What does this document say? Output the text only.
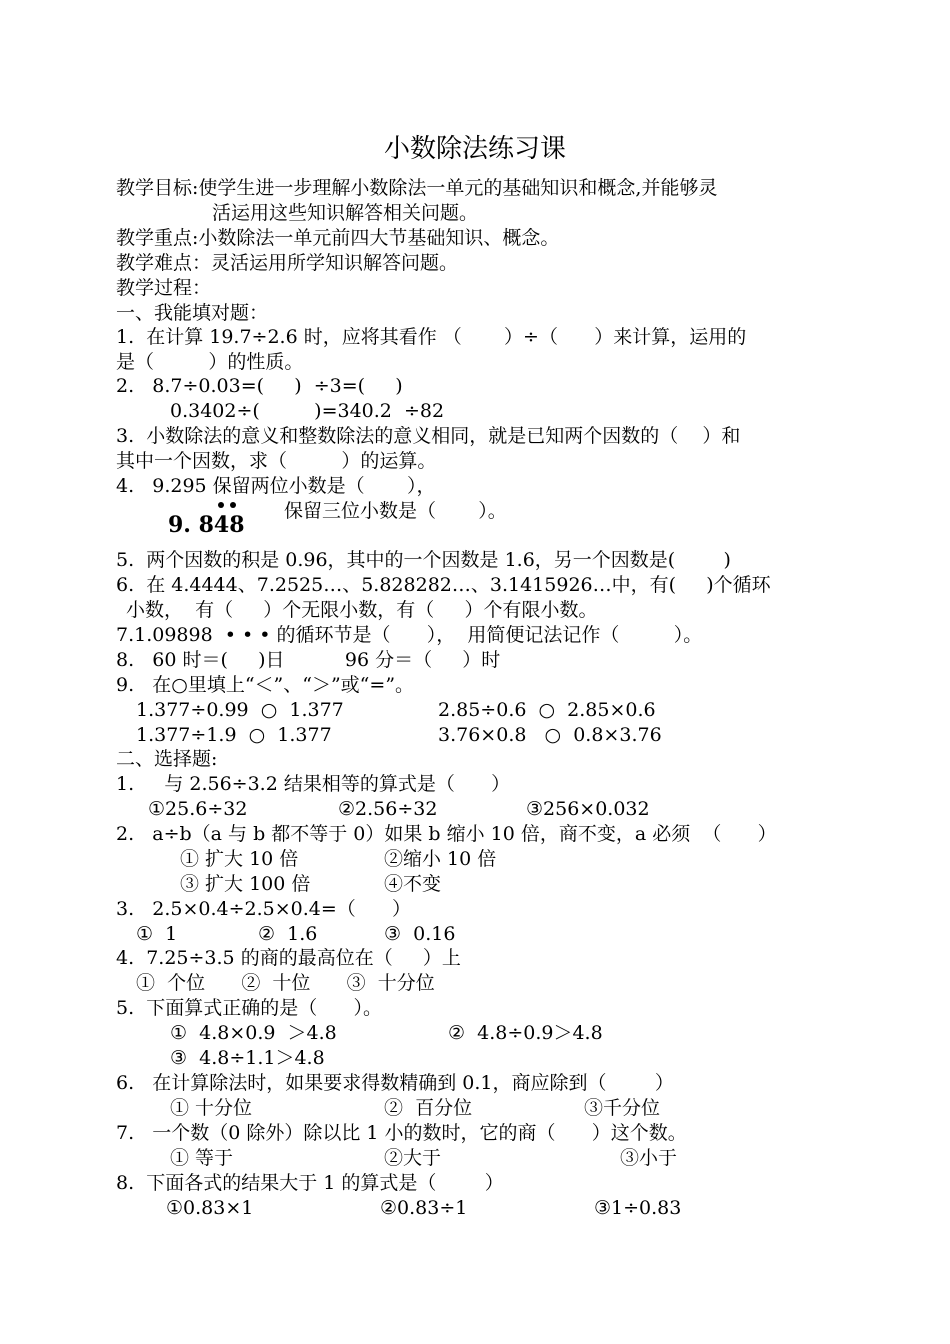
小数除法练习课
教学目标:使学生进一步理解小数除法一单元的基础知识和概念,并能够灵
活运用这些知识解答相关问题。
教学重点:小数除法一单元前四大节基础知识、概念。
教学难点：灵活运用所学知识解答问题。
教学过程：
一、我能填对题：
1.  在计算 19.7÷2.6 时，应将其看作 （       ）÷（      ）来计算，运用的
是（         ）的性质。
2.   8.7÷0.03=(     )  ÷3=(     )
0.3402÷(         )=340.2  ÷82
3.  小数除法的意义和整数除法的意义相同，就是已知两个因数的（    ）和
其中一个因数，求（         ）的运算。
4.   9.295 保留两位小数是（       ），
9. 848
保留三位小数是（       ）。
5.  两个因数的积是 0.96，其中的一个因数是 1.6，另一个因数是(        )
6.  在 4.4444、7.2525…、5.828282…、3.1415926…中，有(     )个循环
小数，  有（     ）个无限小数，有（     ）个有限小数。
7.1.09898  • • • 的循环节是（      ），  用简便记法记作（         ）。
8.   60 时＝(     )日          96 分＝（     ）时
9.   在○里填上“＜”、“＞”或“=”。
1.377÷0.99  ○  1.377	2.85÷0.6  ○  2.85×0.6
1.377÷1.9  ○  1.377	3.76×0.8   ○  0.8×3.76
二、选择题:
1.     与 2.56÷3.2 结果相等的算式是（      ）
①25.6÷32	②2.56÷32	③256×0.032
2.   a÷b（a 与 b 都不等于 0）如果 b 缩小 10 倍，商不变，a 必须  （      ）
① 扩大 10 倍	②缩小 10 倍
③ 扩大 100 倍	④不变
3.   2.5×0.4÷2.5×0.4=（      ）
①  1	②  1.6	③  0.16
4.  7.25÷3.5 的商的最高位在（     ）上
①  个位      ②  十位      ③  十分位
5.  下面算式正确的是（      ）。
①  4.8×0.9  ＞4.8	②  4.8÷0.9＞4.8
③  4.8÷1.1＞4.8
6.   在计算除法时，如果要求得数精确到 0.1，商应除到（        ）
① 十分位	②  百分位	③千分位
7.   一个数（0 除外）除以比 1 小的数时，它的商（      ）这个数。
① 等于	②大于	③小于
8.  下面各式的结果大于 1 的算式是（        ）
①0.83×1	②0.83÷1	③1÷0.83
